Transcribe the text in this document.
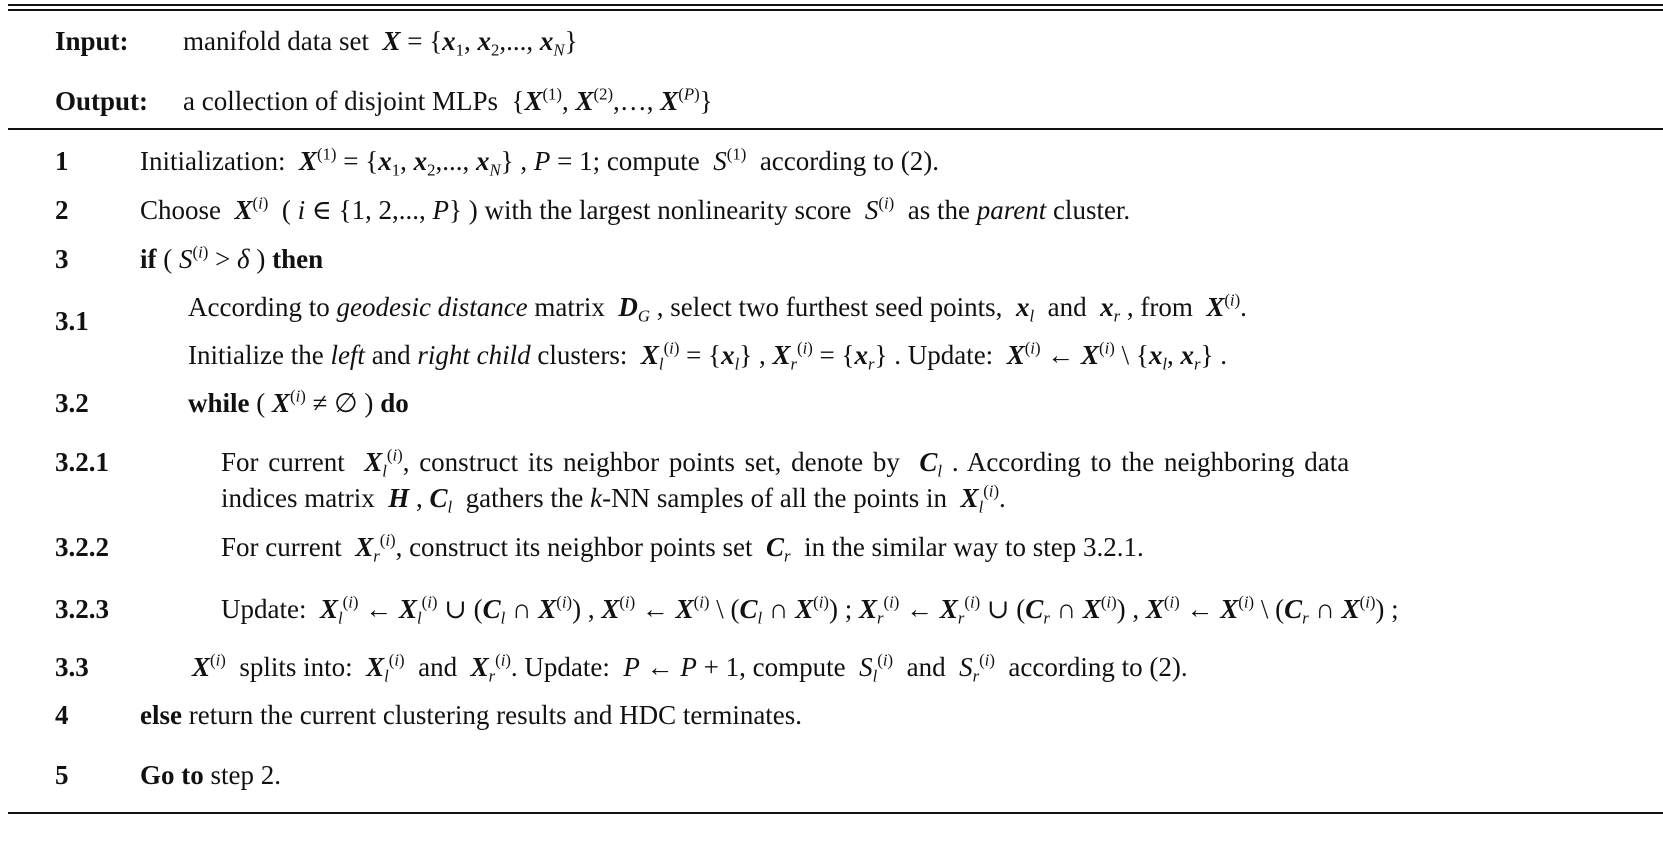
Input: manifold data set $X = \{x_1$, $x_2$,..., $x_N$}
Output: a collection of disjoint MLPs  {$X^{(1)}$, $X^{(2)},\dots$, $X^{(P)}$}
1	Initialization: $X^{(1)} = \{x_1$, $x_2$,..., $x_N$} , P = 1; compute $S^{(1)}$ according to (2).
2	Choose $X^{(i)}$  ( i ∈ {1, 2,..., P} ) with the largest nonlinearity score $S^{(i)}$ as the parent cluster.
3	if ( $S^{(i)} > \delta$ ) then
3.1	According to geodesic distance matrix $D_G$ , select two furthest seed points, $x_l$ and $x_r$ , from $X^{(i)}$.
Initialize the left and right child clusters: $X_l^{(i)} = \{x_l\}$ , $X_r^{(i)} = \{x_r\}$ . Update: $X^{(i)}$ ← $X^{(i)}$ \ {$x_l$, $x_r$} .
3.2	while ( $X^{(i)}$ ≠ ∅ ) do
3.2.1	For current $X_l^{(i)}$, construct its neighbor points set, denote by $C_l$ . According to the neighboring data
indices matrix H , $C_l$ gathers the k-NN samples of all the points in $X_l^{(i)}$.
3.2.2	For current $X_r^{(i)}$, construct its neighbor points set $C_r$ in the similar way to step 3.2.1.
3.2.3	Update: $X_l^{(i)}$ ← $X_l^{(i)}$ ∪ ($C_l$ ∩ $X^{(i)}$) , $X^{(i)}$ ← $X^{(i)}$ \ ($C_l$ ∩ $X^{(i)}$) ; $X_r^{(i)}$ ← $X_r^{(i)}$ ∪ ($C_r$ ∩ $X^{(i)}$) , $X^{(i)}$ ← $X^{(i)}$ \ ($C_r$ ∩ $X^{(i)}$) ;
3.3	$X^{(i)}$ splits into: $X_l^{(i)}$ and $X_r^{(i)}$. Update: P ← P + 1, compute $S_l^{(i)}$ and $S_r^{(i)}$ according to (2).
4	else return the current clustering results and HDC terminates.
5	Go to step 2.
